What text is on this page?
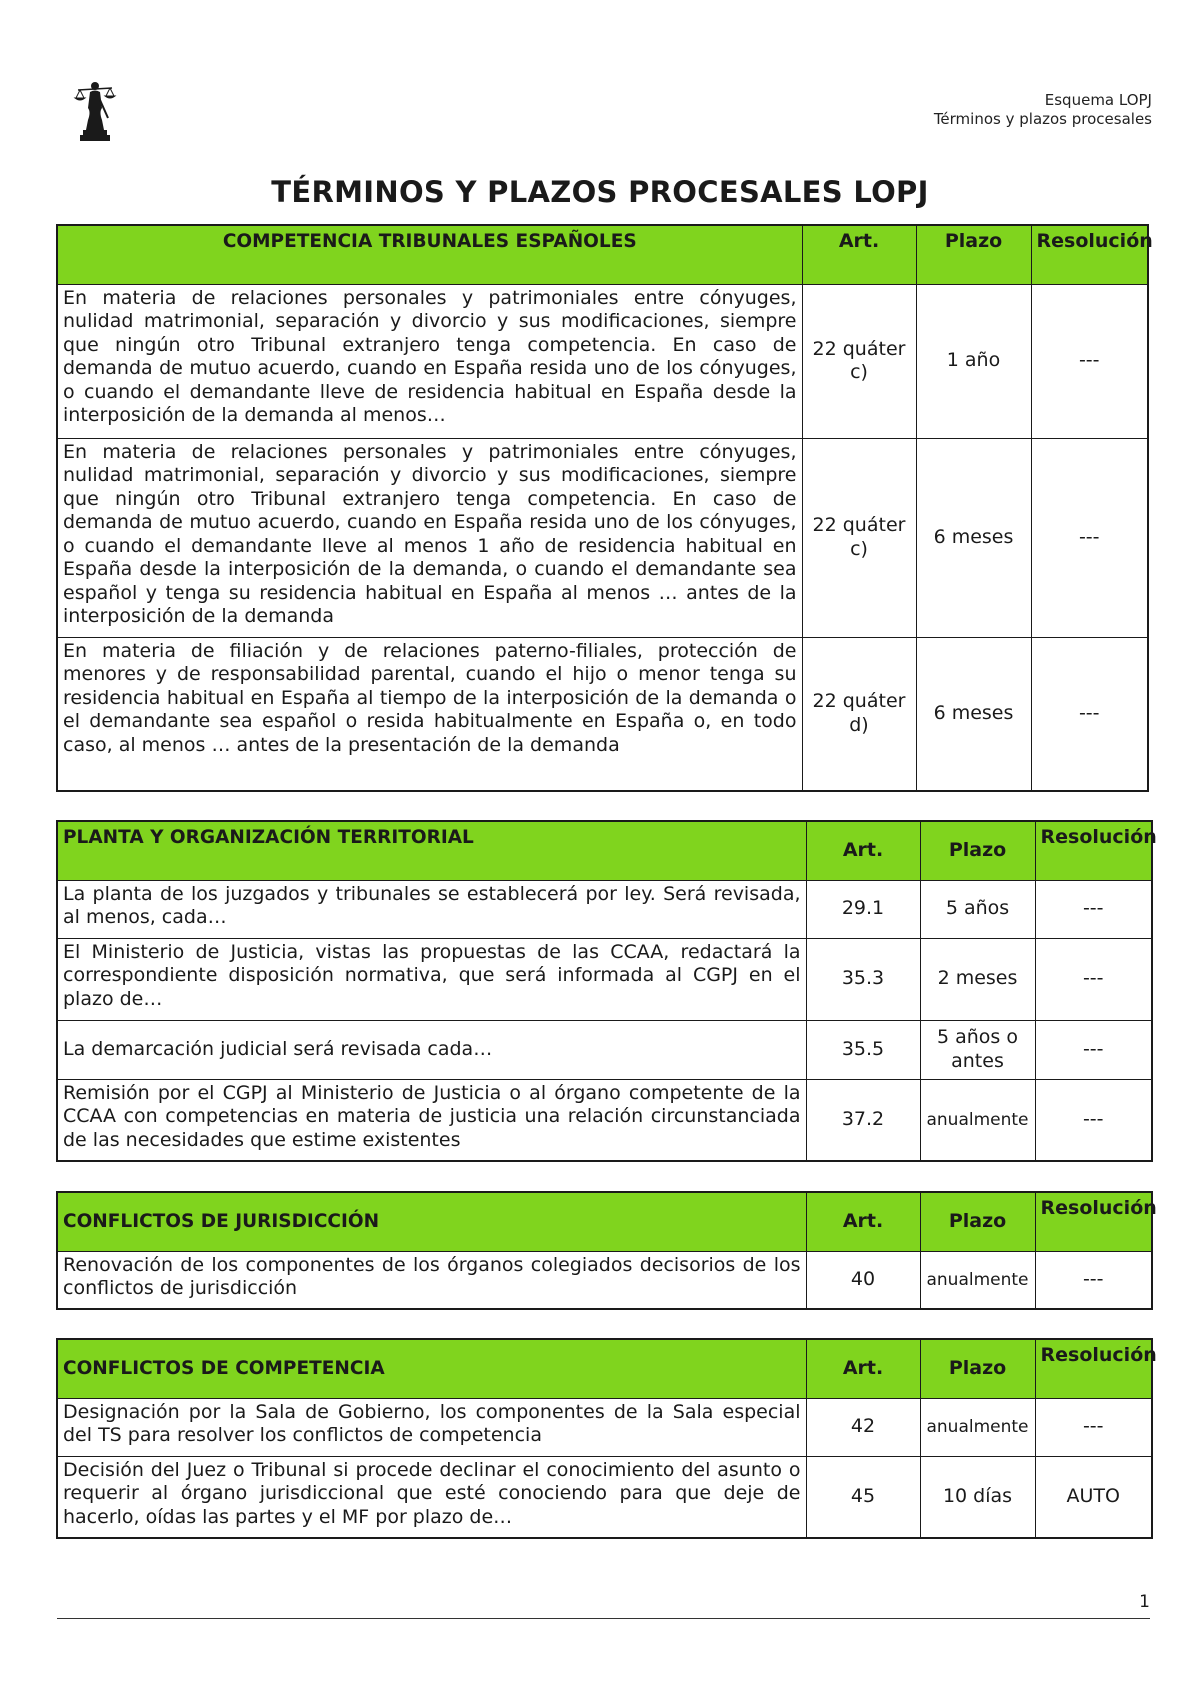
Esquema LOPJ
Términos y plazos procesales
TÉRMINOS Y PLAZOS PROCESALES LOPJ
COMPETENCIA TRIBUNALES ESPAÑOLES	Art.	Plazo	Resolución
En materia de relaciones personales y patrimoniales entre cónyuges, nulidad matrimonial, separación y divorcio y sus modificaciones, siempre que ningún otro Tribunal extranjero tenga competencia. En caso de demanda de mutuo acuerdo, cuando en España resida uno de los cónyuges, o cuando el demandante lleve de residencia habitual en España desde la interposición de la demanda al menos…	22 quáter c)	1 año	---
En materia de relaciones personales y patrimoniales entre cónyuges, nulidad matrimonial, separación y divorcio y sus modificaciones, siempre que ningún otro Tribunal extranjero tenga competencia. En caso de demanda de mutuo acuerdo, cuando en España resida uno de los cónyuges, o cuando el demandante lleve al menos 1 año de residencia habitual en España desde la interposición de la demanda, o cuando el demandante sea español y tenga su residencia habitual en España al menos … antes de la interposición de la demanda	22 quáter c)	6 meses	---
En materia de filiación y de relaciones paterno-filiales, protección de menores y de responsabilidad parental, cuando el hijo o menor tenga su residencia habitual en España al tiempo de la interposición de la demanda o el demandante sea español o resida habitualmente en España o, en todo caso, al menos … antes de la presentación de la demanda	22 quáter d)	6 meses	---
PLANTA Y ORGANIZACIÓN TERRITORIAL	Art.	Plazo	Resolución
La planta de los juzgados y tribunales se establecerá por ley. Será revisada, al menos, cada…	29.1	5 años	---
El Ministerio de Justicia, vistas las propuestas de las CCAA, redactará la correspondiente disposición normativa, que será informada al CGPJ en el plazo de…	35.3	2 meses	---
La demarcación judicial será revisada cada…	35.5	5 años o antes	---
Remisión por el CGPJ al Ministerio de Justicia o al órgano competente de la CCAA con competencias en materia de justicia una relación circunstanciada de las necesidades que estime existentes	37.2	anualmente	---
CONFLICTOS DE JURISDICCIÓN	Art.	Plazo	Resolución
Renovación de los componentes de los órganos colegiados decisorios de los conflictos de jurisdicción	40	anualmente	---
CONFLICTOS DE COMPETENCIA	Art.	Plazo	Resolución
Designación por la Sala de Gobierno, los componentes de la Sala especial del TS para resolver los conflictos de competencia	42	anualmente	---
Decisión del Juez o Tribunal si procede declinar el conocimiento del asunto o requerir al órgano jurisdiccional que esté conociendo para que deje de hacerlo, oídas las partes y el MF por plazo de…	45	10 días	AUTO
1
